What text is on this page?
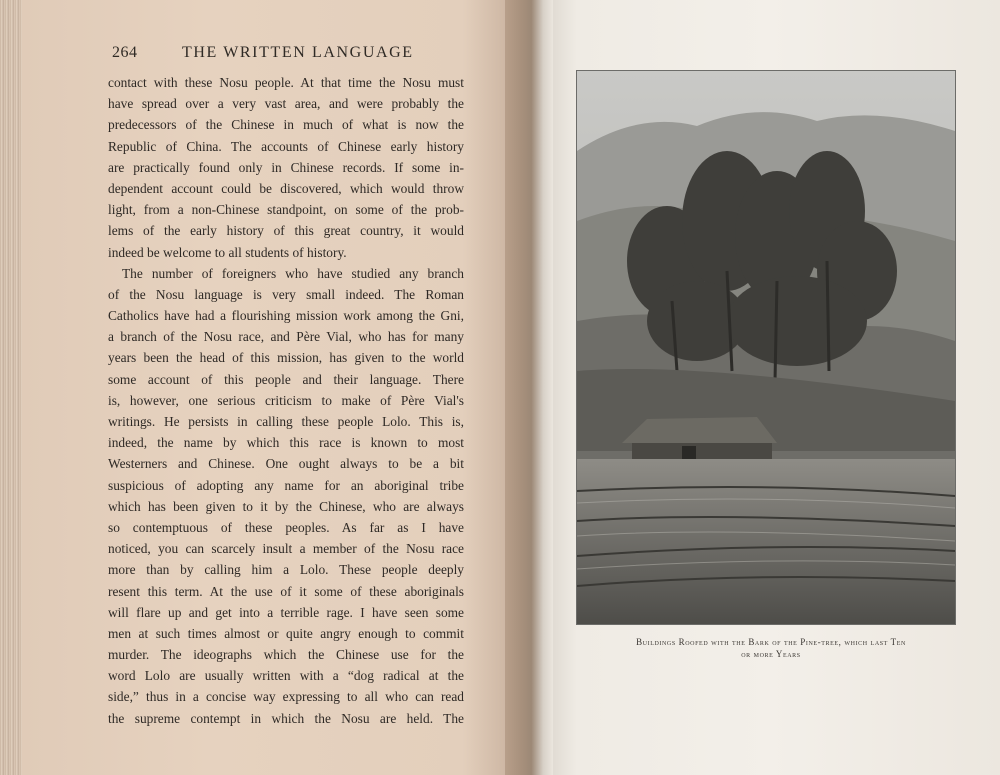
264	THE WRITTEN LANGUAGE
contact with these Nosu people. At that time the Nosu must
have spread over a very vast area, and were probably the
predecessors of the Chinese in much of what is now the
Republic of China. The accounts of Chinese early history
are practically found only in Chinese records. If some in-
dependent account could be discovered, which would throw
light, from a non-Chinese standpoint, on some of the prob-
lems of the early history of this great country, it would
indeed be welcome to all students of history.
The number of foreigners who have studied any branch
of the Nosu language is very small indeed. The Roman
Catholics have had a flourishing mission work among the Gni,
a branch of the Nosu race, and Père Vial, who has for many
years been the head of this mission, has given to the world
some account of this people and their language. There
is, however, one serious criticism to make of Père Vial's
writings. He persists in calling these people Lolo. This is,
indeed, the name by which this race is known to most
Westerners and Chinese. One ought always to be a bit
suspicious of adopting any name for an aboriginal tribe
which has been given to it by the Chinese, who are always
so contemptuous of these peoples. As far as I have
noticed, you can scarcely insult a member of the Nosu race
more than by calling him a Lolo. These people deeply
resent this term. At the use of it some of these aboriginals
will flare up and get into a terrible rage. I have seen some
men at such times almost or quite angry enough to commit
murder. The ideographs which the Chinese use for the
word Lolo are usually written with a “dog radical at the
side,” thus in a concise way expressing to all who can read
the supreme contempt in which the Nosu are held. The
Buildings Roofed with the Bark of the Pine-tree, which last Ten
or more Years
